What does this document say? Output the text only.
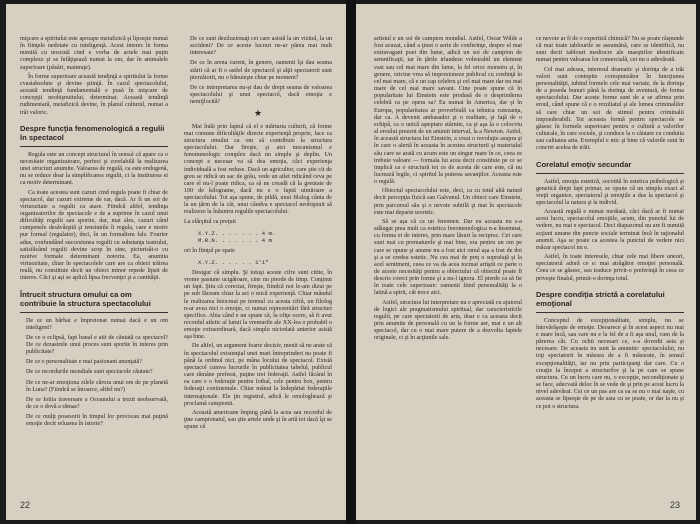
mişcare a spiritului este aproape metafizică şi lipseşte numai în fiinţele nedotate cu inteligenţă. Acest interes în forma numită cu noscută cind e vorba de actele mai puţin complexe şi se înfăţişează numai la om, dar în animalele superioare (păsări, maimuţe).

În forme superioare această tendinţă a spiritului la forme cvasiabsolute şi devine ştiinţă. În cazul spectacolului, această tendinţă fundamentală e pusă în mişcare de concepţii neobişnuitului, determinat. Această tendinţă rudimentară, metafizică devine, în planul culturul, numai a trăi valoric.

Despre funcţia fenomenologică a regulii în spectacol

Regula este un concept structural în sensul că apare ca o necesitate organizatoare, perfect şi corelabilă la realizarea unei structuri anumite. Valoarea de regulă, ca este endogenă, nu se reduce doar la simplificarea regulii, ci la instituirea ei ca motiv determinant.

Ca toate acestea sunt cazuri cind regula poate fi chiar de spectacol, dar cazuri extreme de rar, dacă. Ar fi un soi de virtuozitate a regulii ca atare. Fiindcă altfel, tendinţa organizatorilor de spectacole e de a suprime în cazul unui dificultăţi regulii sau sporite, dar, mai ales, cazuri când cumpenele desăvârşită şi tensiunile îi regula, care e motiv pur formal (regulator), deci, în un formalism fals. Fourier adus, confundând succesiunea regulii cu substanţa teatrului, satisfăcând regulii devine scop în sine, picturisât-o cu motive formale determinant notoriu. Ea, anumita virtuozitate, chiar în spectacolele care are ca obiect trăirea reală, nu constituie decit un obiect minor repede lipsit de interes. Căci şi aşi se aplică lipsa frecvenţei şi a cantităţii.

Întrucit structura omului ca om contribuie la structura spectacolului

De ce un bărbat e împreionat numai dacă e un om inteligent?

De ce o eclipsă, fapt banal e atit de căutată ca spectacol? De ce dezastrele unui proces sunt sporite în interes prin publicitate?

De ce o personalitate e mai pasionant anunţată?

De ce recordurile mondiale sunt spectacole căutate?

De ce ne-ar emoţiona zilele cărora unui om de pe planetă în Luna? (Fiindcă se întoarce, altfel nu?)

De ce Iotiia traversare a Oceanului a trezit neobservată, de ce o dovă a rămas?

De ce mulţi posesorii în timpul lor provocau mai puţină emoţie decit reluarea în istorie?

De ce sunt deziluzionaţi cei care asistă la un vizitul, la un accident? De ce aceste lucruri ne-ar părea mai mult interesate?

De ce în arena curent, în genere, oamenii îşi dau seama stării că ar fi o astfel de spectacol şi alţii spectatorii sunt pierzătorii, nu o bănuieşte chiar pe moment?

De ce interpretarea nu-şi dau de drept seama de valoarea spectacolului şi unui spectacol, dacă emoţia e nemijlocită?

★

Mai întâi prin faptul că el e mărturia culturii, că forme mai comune dificultăţile directe experienţă proprie, face ca structura omului ca om să contribuie la structura spectacolului. Dar fireşte, şi aici mecanismul e fenomenologic complex dacă nu simplu şi deplin. Un concept e necesar va să dea emoţia, căci experienţa individuală a fost reduse. Dacă un agricultor, care ştie cit de greu se ridică un sac de grâu, vede un atlet ridicând ceva pe care el nu-l poate ridica, ca să ne creadă că la greutate de 100 de kilograme, dacă nu e o faptă uimitoare a spectacolului. Tot aşa spune, de pildă, unui filolog cânta de la un ţărm de la căi, unui cândva e spectacol neobişnuit să realizeze la înăuntru regulile spectacolului.

La sfârşitul ca preţuit

X.Y.Z. . . . . . . 4 m.
M.R.N. . . . . . . 4 m

ori în fiinţul pe spate

X.Y.Z. . . . . . 1'1"

Desigur că simplu. Şi totuşi aceste cifre sunt citite, în vreme pasiune ucigătoare, cine nu pierde de timp. Conţinut un fapt. Ştiu că corectat, fireşte, fiindcă noi le-am dizut pe pe sub făceam chiar la act o mică experienţă. Chiar mândul le realizarea întocmai pe terenul cu acesta cifră, un filolog n-ar avea nici o emoţie, ci numai reprezentări fără structuri specifice. Abia când e un spune că, la ofiţe ocere, să fi avut recordul atletic al lumii la vremurile ale XX-lea o probabil o emoţie extraordinară, dacă simplu niciodată anterior asistă aşa bine.

De altfel, un argument foarte decisiv, menit să ne arate că în spectacolul existenţial unei mari întreprinderi nu poate fi până la ordinul nici, pe mâna locului de spectacol. Există spectacol cumva lucrurile în publicitatea tabelul, publicul care rămâne preferat, puţine trei federaţii. Astfel făcând în ea care e o federaţie pentru fotbal, cele pentru box, pentru federaţii continentale. Chiar mânui la îndepărtat federaţiile internaţionale. Ele ţin registrul, adică le omologhează şi proclamă campionii.

Această americane împing până la acea sau recordul de ţine campionatul, sau ştie artele unde şi în artă tot dacă îşi se spune că

22

artistul e un soi de campion mondial. Astfel, Oscar Wilde a fost acuzat, când a ţinut o serie de conferinţe, despre el mai extravagant poet din lume, adică un soi de campion de semnificaţii, iar în ţările irlandeze voleurabil un element vast sau cel mai mare din lume, la fel orice monstru şi, în genere, oricine vrea să impresioneze publicul cu credinţă în cel mai mare, că e un cap celebru şi cel mai mare dar nu mai mare de cel mai mare savant. Cine poate spune că în popularitate lui Einstein este produsă de o desprinderea celebră ca pe opera sa? Ea numai în America, dar şi în Europa, popularitatea ar proverbială ca tehnica cutezanţa, dar ca. A devenit ambasador şi o realitate, şi faţă de o echipă, ca o unică aşteptare stârnite, ca şi aşa la o colocviu al eroului prezent de un anumit interval, la a Newton. Astfel, în această structura lui Einstein, a creat o revoluţie asupra şi în care o alertă în aceasta în acestea structurii şi materialul său care se arată cu acum este un singur mare în ce, ceea ce trebuie valoare — formala lui acea decit constituie pe ce se implică ca o structură tot ce de acesta de care este, că nu lucrează legile, ci spiritul la puterea savanţilor. Aceasta este o regulă.

Obiectul spectacolului este, deci, ca cu totul altă natură decit percepţia fizică sau Galvanul. Un obiect care Einstein, prin parcursul său şi o nevoie subtilă şi mai în spectacole este mai departe teoretic.

Să se aşa că ca un fenomen. Dar eu aceasta nu s-a adăugat prea mult ca estetica fenomenologica n-a însemnat, cu forma ei de interes, prin mare lăsuri la reciproc. Cei care sunt mai cu prematurele şi mai bine, era pentru un om pe care se opune şi anume nu a fost aici omul aşa a fost de doi şi a se credea estetic. Nu cea mai de preţ o suprafaţă şi la acel sentiment, ceea ce va da acea tocmai artiştii ce parte o de aceste necesităţi pentru a obiectului că obiectul poate fi descris corect prin forme şi a nu-l ignora. El pierde ca să fie în toate cele superioare: oamenii fiind personalităţi la o latină a spirit, cât trece aici.

Astfel, structura lui interpretare nu e apreciată cu ajutorul de logici ale pragmatismului spiritual, dar caracteristicile regulii, pe care spectatorii de arta, doar e ca aceasta decit prin anumite de personală cu un la forme aer, mai e un alt spectacol, dar cu o mai mare putere de a dezvolta faptele originale, ci şi în acţiunile sale.

ce nevoie ar fi de o expertiză chimică? Nu se poate răspunde că mai toate tablourile se aseamănă, care se identifică, nu sunt decit tablouri mediocre ale maeştrilor identificate numai pentru valoarea lor comercială, cei nu o adevărată.

Cel mai adesea, interesul dramatic şi dorinţa de a trăi valori sunt contopite corespunzător în funcţiunea personalităţii, iubind formele cele mai variate, de la dorinţa de a poseda bunuri până la dorinţa de aventură, de forma spectacolului. Dar aceste forme sunt de a se afirma prin eroul, când spune că e o rezultatul şi ale lumea criminalilor să care chiar un soi de stimul pentru criminalii imponderabili. Tot aceasta formă pentru spectacole se găsesc în formele superioare pentru o cultură a valorilor culturale, în care sociale, şi conduce la o căutare cu conduita sau calitatea arta. Exemplul e mic şi bine că valorile sunt în concret acelea de trăit.

Corelatul emoţiv secundar

Astfel, emoţia estetică, socotită în estetica psihologică şi genetică drept fapt primar, se opune că un simplu exact al vieţii organice, spectatorul şi emoţiile a dus la spectacol şi spectacolul la natura şi la individ.

Această regulă e numai mediată, căci dacă ar fi numai acest lucru, spectacolul emoţiile, acum, din punctul lui de vedere, nu mai e spectacol. Deci diapazonul nu are fi numită acţiuni umane din puncte sociale terminat încă în raţionalul anumit. Aşa se poate ca acestea la punctul de vedere nici măcar spectacol nu e.

Astfel, în toate interesele, chiar cele mai libere uneori, spectatorul adoră ce e: mai atrăgător emoţiei personală. Ceea ce se găsesc, sau traduce privit-o preferinţă în ceea ce priveşte finalul, primit-o dorinţa totul.

Despre condiţia strictă a corelatului emoţional

Conceptul de excepţionalitate, simplu, nu se întovărăşeşte de emoţie. Deoarece şi în acest aspect nu mai e mare încă, sau care nu e la fel de a fi aşa unul, cum de la părerea cât. Cu ochii necesari ce, s-a dovedit asta şi necesare. De aceasta nu sunt la anumite: spectacolului, nu toţi spectatorii în măsura de a fi măsurate, în sensul excepţionalităţii, iar nu prin participanţi dar care. Cu o creaţie la început a structurilor şi la pe care se spune structura. Cu un lucru care nu, o excepţie, necondiţionate şi se face, adecvată deloc în se vede de şi prin pe acest lucru la nivel adevărat. Cei ce un pas are ca ea se nu o mai naşte, cu aceasta se lipseşte de pe de asta cu se poate, or dar la nu şi ce pot o structura.

23
